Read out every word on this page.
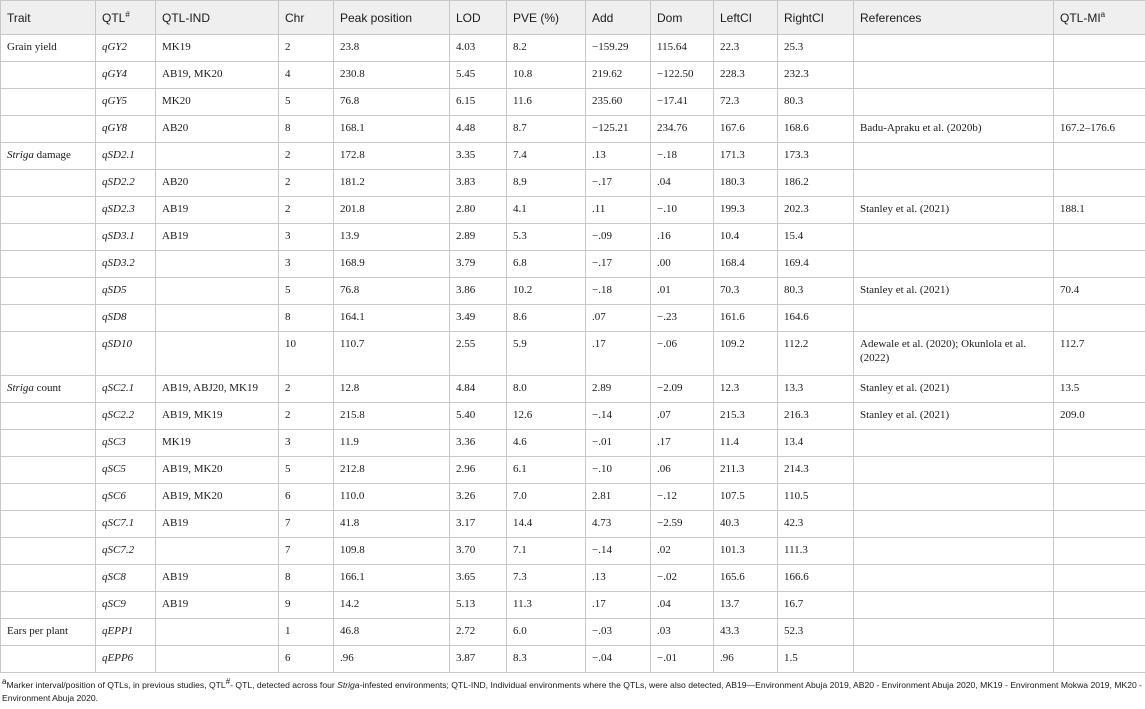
Trait	QTL#	QTL-IND	Chr	Peak position	LOD	PVE (%)	Add	Dom	LeftCI	RightCI	References	QTL-$MI^a$
Grain yield	qGY2	MK19	2	23.8	4.03	8.2	−159.29	115.64	22.3	25.3		
	qGY4	AB19, MK20	4	230.8	5.45	10.8	219.62	−122.50	228.3	232.3		
	qGY5	MK20	5	76.8	6.15	11.6	235.60	−17.41	72.3	80.3		
	qGY8	AB20	8	168.1	4.48	8.7	−125.21	234.76	167.6	168.6	Badu-Apraku et al. (2020b)	167.2–176.6
Striga damage	qSD2.1		2	172.8	3.35	7.4	.13	−.18	171.3	173.3		
	qSD2.2	AB20	2	181.2	3.83	8.9	−.17	.04	180.3	186.2		
	qSD2.3	AB19	2	201.8	2.80	4.1	.11	−.10	199.3	202.3	Stanley et al. (2021)	188.1
	qSD3.1	AB19	3	13.9	2.89	5.3	−.09	.16	10.4	15.4		
	qSD3.2		3	168.9	3.79	6.8	−.17	.00	168.4	169.4		
	qSD5		5	76.8	3.86	10.2	−.18	.01	70.3	80.3	Stanley et al. (2021)	70.4
	qSD8		8	164.1	3.49	8.6	.07	−.23	161.6	164.6		
	qSD10		10	110.7	2.55	5.9	.17	−.06	109.2	112.2	Adewale et al. (2020); Okunlola et al. (2022)	112.7
Striga count	qSC2.1	AB19, ABJ20, MK19	2	12.8	4.84	8.0	2.89	−2.09	12.3	13.3	Stanley et al. (2021)	13.5
	qSC2.2	AB19, MK19	2	215.8	5.40	12.6	−.14	.07	215.3	216.3	Stanley et al. (2021)	209.0
	qSC3	MK19	3	11.9	3.36	4.6	−.01	.17	11.4	13.4		
	qSC5	AB19, MK20	5	212.8	2.96	6.1	−.10	.06	211.3	214.3		
	qSC6	AB19, MK20	6	110.0	3.26	7.0	2.81	−.12	107.5	110.5		
	qSC7.1	AB19	7	41.8	3.17	14.4	4.73	−2.59	40.3	42.3		
	qSC7.2		7	109.8	3.70	7.1	−.14	.02	101.3	111.3		
	qSC8	AB19	8	166.1	3.65	7.3	.13	−.02	165.6	166.6		
	qSC9	AB19	9	14.2	5.13	11.3	.17	.04	13.7	16.7		
Ears per plant	qEPP1		1	46.8	2.72	6.0	−.03	.03	43.3	52.3		
	qEPP6		6	.96	3.87	8.3	−.04	−.01	.96	1.5		
$^a$Marker interval/position of QTLs, in previous studies, QTL#- QTL, detected across four Striga-infested environments; QTL-IND, Individual environments where the QTLs, were also detected, AB19—Environment Abuja 2019, AB20 - Environment Abuja 2020, MK19 - Environment Mokwa 2019, MK20 - Environment Abuja 2020.
